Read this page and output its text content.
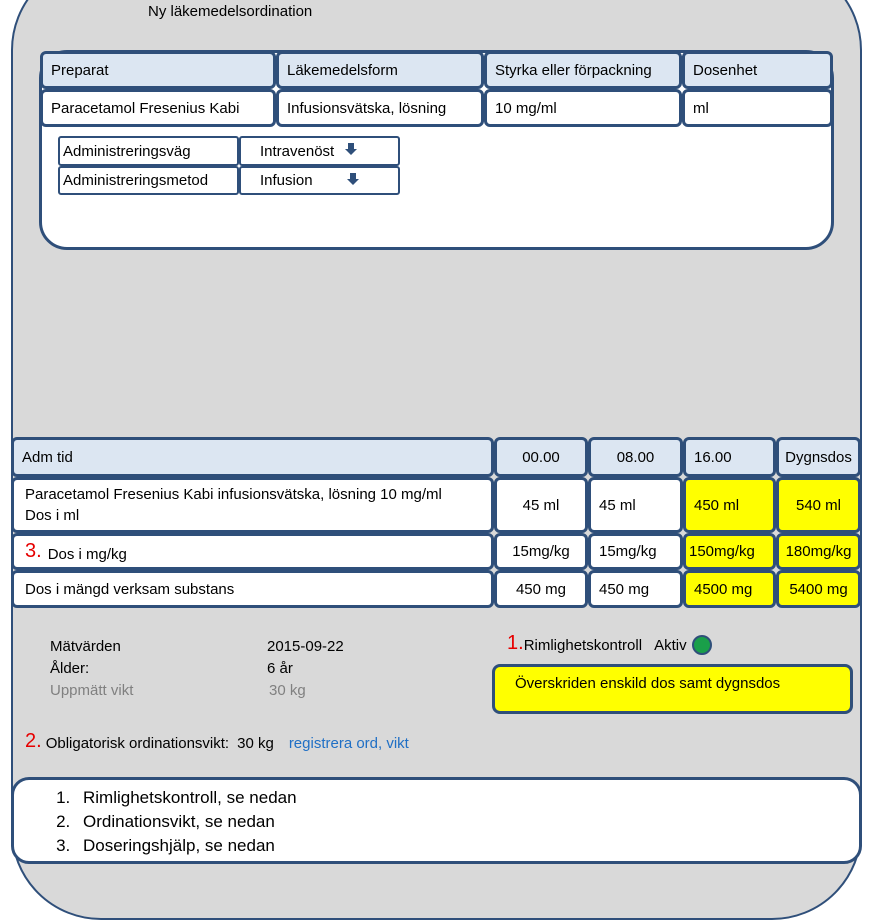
Ny läkemedelsordination
Preparat	Läkemedelsform	Styrka eller förpackning	Dosenhet
Paracetamol Fresenius Kabi	Infusionsvätska, lösning	10 mg/ml	ml
Administreringsväg	Intravenöst
Administreringsmetod	Infusion
Adm tid	00.00	08.00	16.00	Dygnsdos
Paracetamol Fresenius Kabi infusionsvätska, lösning 10 mg/ml
Dos i ml
45 ml	45 ml	450 ml	540 ml
3. Dos i mg/kg	15mg/kg	15mg/kg	150mg/kg	180mg/kg
Dos i mängd verksam substans	450 mg	450 mg	4500 mg	5400 mg
Mätvärden	2015-09-22
Ålder:	6 år
Uppmätt vikt	30 kg
1. Rimlighetskontroll Aktiv
Överskriden enskild dos samt dygnsdos
2. Obligatorisk ordinationsvikt: 30 kg registrera ord, vikt
1. Rimlighetskontroll, se nedan
2. Ordinationsvikt, se nedan
3. Doseringshjälp, se nedan
